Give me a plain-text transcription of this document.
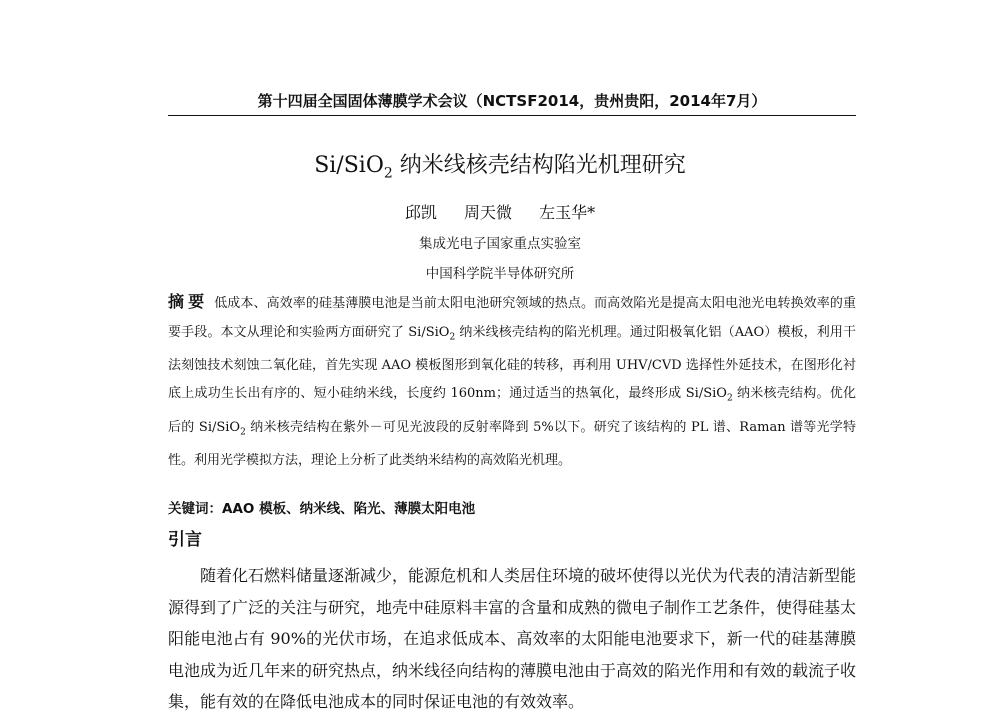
第十四届全国固体薄膜学术会议（NCTSF2014，贵州贵阳，2014年7月）
Si/SiO$_2$ 纳米线核壳结构陷光机理研究
邱凯 周天微 左玉华*
集成光电子国家重点实验室
中国科学院半导体研究所
摘要 低成本、高效率的硅基薄膜电池是当前太阳电池研究领域的热点。而高效陷光是提高太阳电池光电转换效率的重要手段。本文从理论和实验两方面研究了 Si/SiO$_2$ 纳米线核壳结构的陷光机理。通过阳极氧化铝（AAO）模板，利用干法刻蚀技术刻蚀二氧化硅，首先实现 AAO 模板图形到氧化硅的转移，再利用 UHV/CVD 选择性外延技术，在图形化衬底上成功生长出有序的、短小硅纳米线，长度约 160nm；通过适当的热氧化，最终形成 Si/SiO$_2$ 纳米核壳结构。优化后的 Si/SiO$_2$ 纳米核壳结构在紫外－可见光波段的反射率降到 5%以下。研究了该结构的 PL 谱、Raman 谱等光学特性。利用光学模拟方法，理论上分析了此类纳米结构的高效陷光机理。
关键词：AAO 模板、纳米线、陷光、薄膜太阳电池
引言
随着化石燃料储量逐渐减少，能源危机和人类居住环境的破坏使得以光伏为代表的清洁新型能源得到了广泛的关注与研究，地壳中硅原料丰富的含量和成熟的微电子制作工艺条件，使得硅基太阳能电池占有 90%的光伏市场，在追求低成本、高效率的太阳能电池要求下，新一代的硅基薄膜电池成为近几年来的研究热点，纳米线径向结构的薄膜电池由于高效的陷光作用和有效的载流子收集，能有效的在降低电池成本的同时保证电池的有效效率。
